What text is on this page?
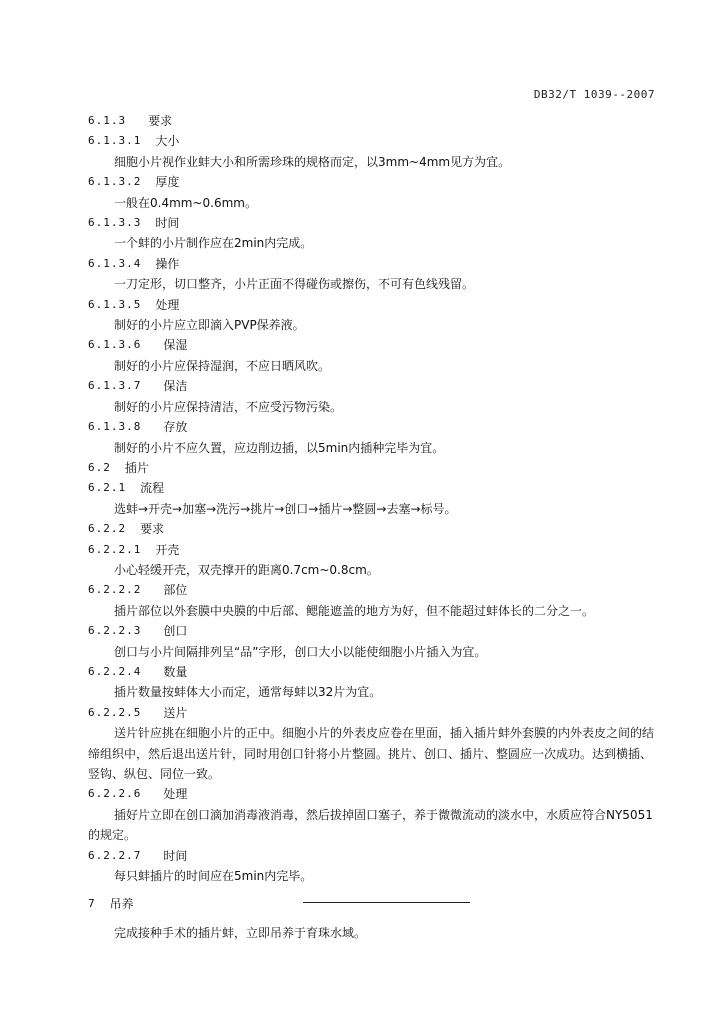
DB32/T 1039--2007
6.1.3 要求
6.1.3.1 大小
细胞小片视作业蚌大小和所需珍珠的规格而定，以3mm~4mm见方为宜。
6.1.3.2 厚度
一般在0.4mm~0.6mm。
6.1.3.3 时间
一个蚌的小片制作应在2min内完成。
6.1.3.4 操作
一刀定形，切口整齐，小片正面不得碰伤或擦伤，不可有色线残留。
6.1.3.5 处理
制好的小片应立即滴入PVP保养液。
6.1.3.6 保湿
制好的小片应保持湿润，不应日晒风吹。
6.1.3.7 保洁
制好的小片应保持清洁，不应受污物污染。
6.1.3.8 存放
制好的小片不应久置，应边削边插，以5min内插种完毕为宜。
6.2 插片
6.2.1 流程
选蚌→开壳→加塞→洗污→挑片→创口→插片→整圆→去塞→标号。
6.2.2 要求
6.2.2.1 开壳
小心轻缓开壳，双壳撑开的距离0.7cm~0.8cm。
6.2.2.2 部位
插片部位以外套膜中央膜的中后部、鳃能遮盖的地方为好，但不能超过蚌体长的二分之一。
6.2.2.3 创口
创口与小片间隔排列呈“品”字形，创口大小以能使细胞小片插入为宜。
6.2.2.4 数量
插片数量按蚌体大小而定，通常每蚌以32片为宜。
6.2.2.5 送片
送片针应挑在细胞小片的正中。细胞小片的外表皮应卷在里面，插入插片蚌外套膜的内外表皮之间的结缔组织中，然后退出送片针，同时用创口针将小片整圆。挑片、创口、插片、整圆应一次成功。达到横插、竖钩、纵包、同位一致。
6.2.2.6 处理
插好片立即在创口滴加消毒液消毒，然后拔掉固口塞子，养于微微流动的淡水中，水质应符合NY5051的规定。
6.2.2.7 时间
每只蚌插片的时间应在5min内完毕。
7 吊养
完成接种手术的插片蚌，立即吊养于育珠水域。
